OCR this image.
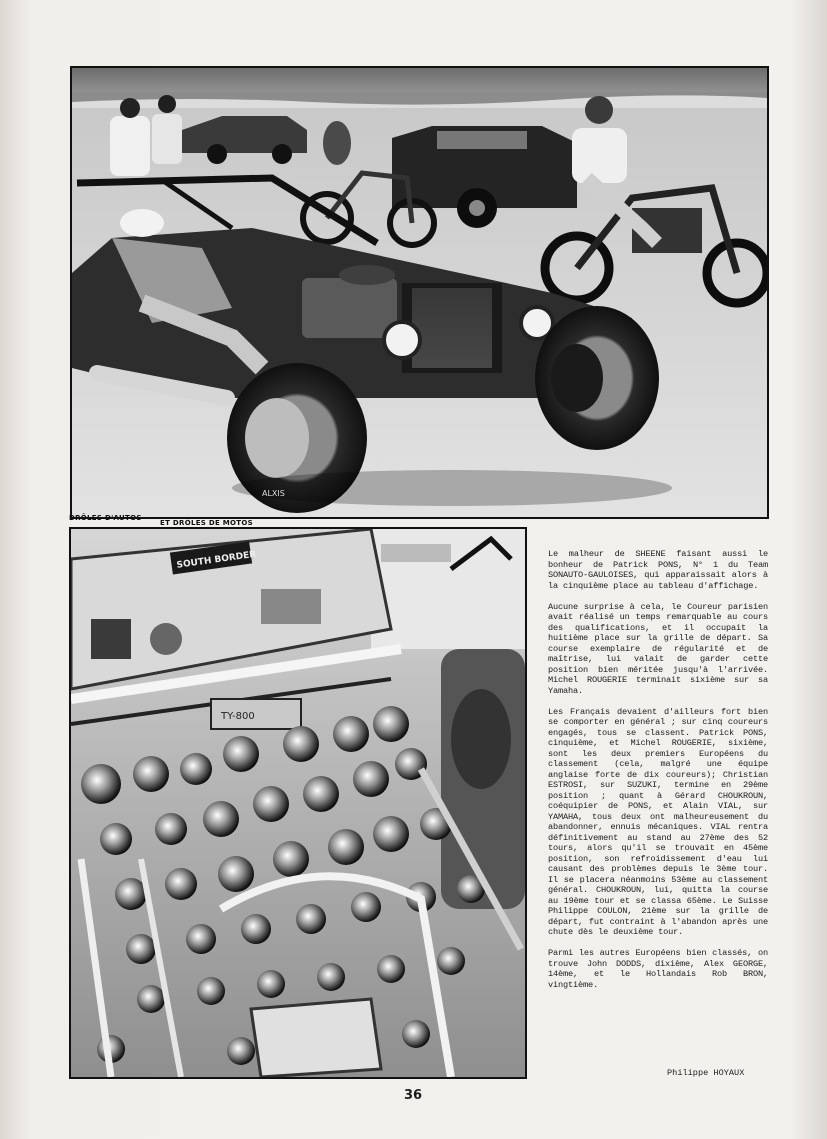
ALXIS
DRÔLES D'AUTOS
ET DRÔLES DE MOTOS
SOUTH BORDER
TY-800

Le malheur de SHEENE faisant aussi le bonheur de Patrick PONS, N° 1 du Team SONAUTO-GAULOISES, qui apparaissait alors à la cinquième place au tableau d'affichage.

Aucune surprise à cela, le Coureur parisien avait réalisé un temps remarquable au cours des qualifications, et il occupait la huitième place sur la grille de départ. Sa course exemplaire de régularité et de maîtrise, lui valait de garder cette position bien méritée jusqu'à l'arrivée. Michel ROUGERIE terminait sixième sur sa Yamaha.

Les Français devaient d'ailleurs fort bien se comporter en général ; sur cinq coureurs engagés, tous se classent. Patrick PONS, cinquième, et Michel ROUGERIE, sixième, sont les deux premiers Européens du classement (cela, malgré une équipe anglaise forte de dix coureurs); Christian ESTROSI, sur SUZUKI, termine en 29ème position ; quant à Gérard CHOUKROUN, coéquipier de PONS, et Alain VIAL, sur YAMAHA, tous deux ont malheureusement du abandonner, ennuis mécaniques. VIAL rentra définitivement au stand au 27ème des 52 tours, alors qu'il se trouvait en 45ème position, son refroidissement d'eau lui causant des problèmes depuis le 3ème tour. Il se placera néanmoins 53ème au classement général. CHOUKROUN, lui, quitta la course au 19ème tour et se classa 65ème. Le Suisse Philippe COULON, 21ème sur la grille de départ, fut contraint à l'abandon après une chute dès le deuxième tour.

Parmi les autres Européens bien classés, on trouve John DODDS, dixième, Alex GEORGE, 14ème, et le Hollandais Rob BRON, vingtième.

Philippe HOYAUX
36
